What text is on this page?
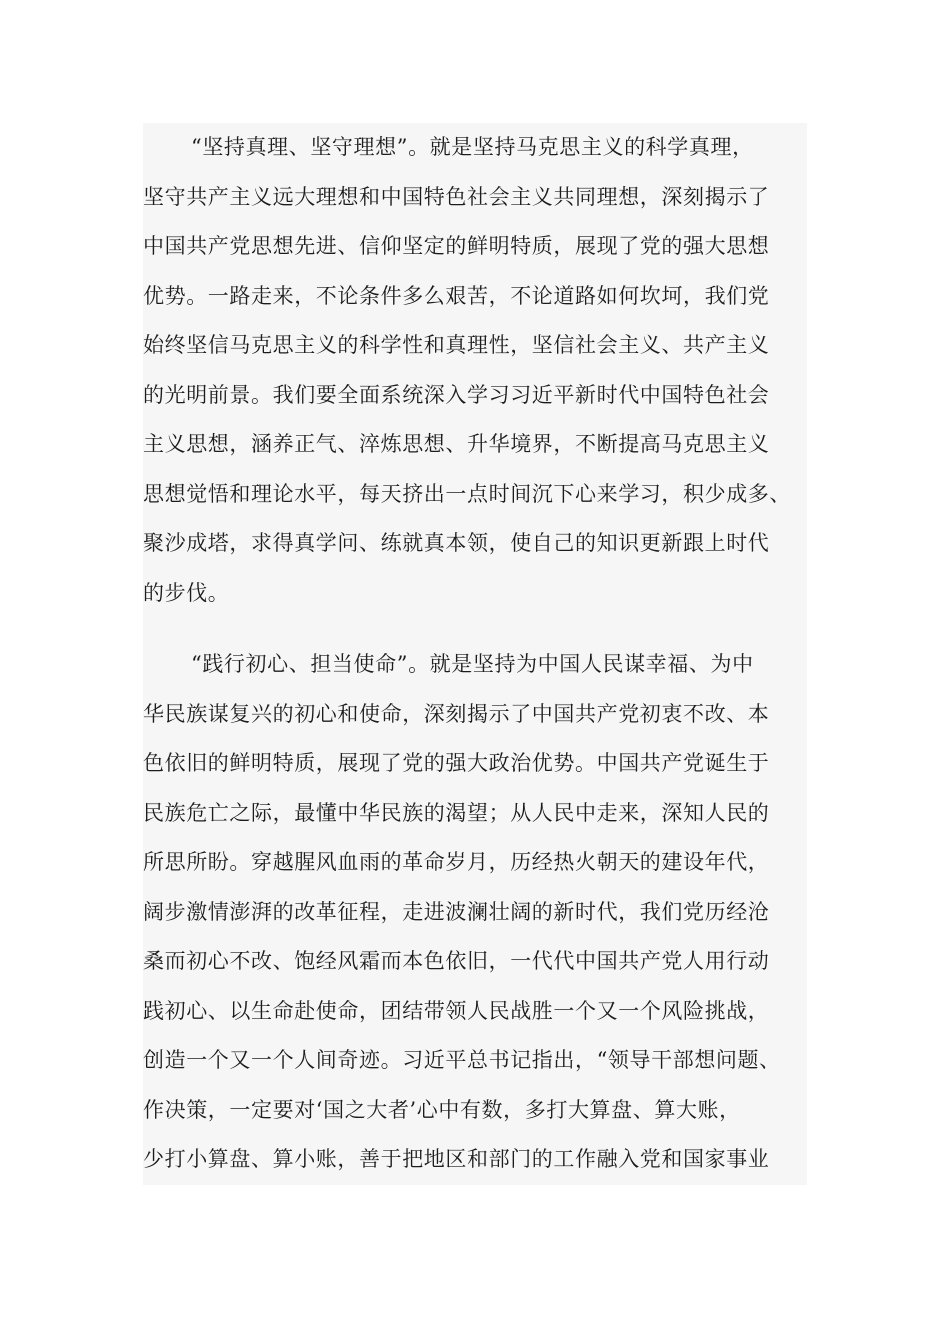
“坚持真理、坚守理想”。就是坚持马克思主义的科学真理，
坚守共产主义远大理想和中国特色社会主义共同理想，深刻揭示了
中国共产党思想先进、信仰坚定的鲜明特质，展现了党的强大思想
优势。一路走来，不论条件多么艰苦，不论道路如何坎坷，我们党
始终坚信马克思主义的科学性和真理性，坚信社会主义、共产主义
的光明前景。我们要全面系统深入学习习近平新时代中国特色社会
主义思想，涵养正气、淬炼思想、升华境界，不断提高马克思主义
思想觉悟和理论水平，每天挤出一点时间沉下心来学习，积少成多、
聚沙成塔，求得真学问、练就真本领，使自己的知识更新跟上时代
的步伐。
“践行初心、担当使命”。就是坚持为中国人民谋幸福、为中
华民族谋复兴的初心和使命，深刻揭示了中国共产党初衷不改、本
色依旧的鲜明特质，展现了党的强大政治优势。中国共产党诞生于
民族危亡之际，最懂中华民族的渴望；从人民中走来，深知人民的
所思所盼。穿越腥风血雨的革命岁月，历经热火朝天的建设年代，
阔步激情澎湃的改革征程，走进波澜壮阔的新时代，我们党历经沧
桑而初心不改、饱经风霜而本色依旧，一代代中国共产党人用行动
践初心、以生命赴使命，团结带领人民战胜一个又一个风险挑战，
创造一个又一个人间奇迹。习近平总书记指出，“领导干部想问题、
作决策，一定要对‘国之大者’心中有数，多打大算盘、算大账，
少打小算盘、算小账，善于把地区和部门的工作融入党和国家事业
